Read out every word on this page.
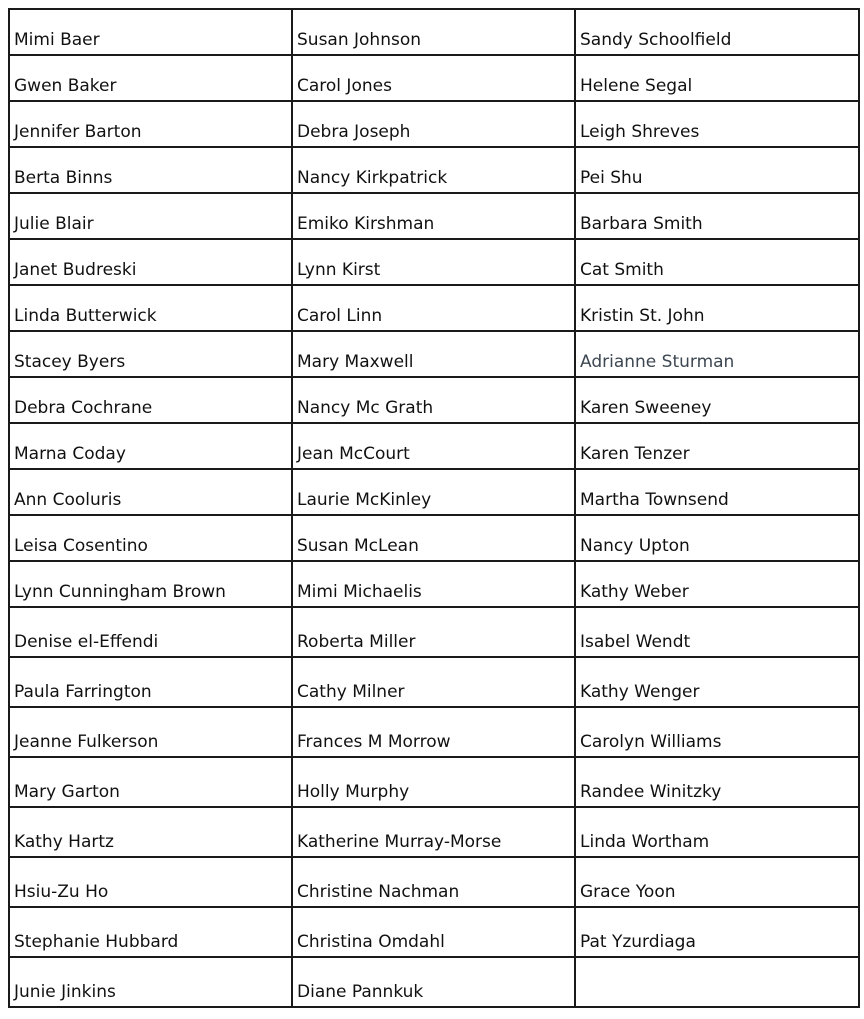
Mimi Baer	Susan Johnson	Sandy Schoolfield

Gwen Baker	Carol Jones	Helene Segal

Jennifer Barton	Debra Joseph	Leigh Shreves

Berta Binns	Nancy Kirkpatrick	Pei Shu

Julie Blair	Emiko Kirshman	Barbara Smith

Janet Budreski	Lynn Kirst	Cat Smith

Linda Butterwick	Carol Linn	Kristin St. John

Stacey Byers	Mary Maxwell	Adrianne Sturman

Debra Cochrane	Nancy Mc Grath	Karen Sweeney

Marna Coday	Jean McCourt	Karen Tenzer

Ann Cooluris	Laurie McKinley	Martha Townsend

Leisa Cosentino	Susan McLean	Nancy Upton

Lynn Cunningham Brown	Mimi Michaelis	Kathy Weber

Denise el-Effendi	Roberta Miller	Isabel Wendt

Paula Farrington	Cathy Milner	Kathy Wenger

Jeanne Fulkerson	Frances M Morrow	Carolyn Williams

Mary Garton	Holly Murphy	Randee Winitzky

Kathy Hartz	Katherine Murray-Morse	Linda Wortham

Hsiu-Zu Ho	Christine Nachman	Grace Yoon

Stephanie Hubbard	Christina Omdahl	Pat Yzurdiaga

Junie Jinkins	Diane Pannkuk	
